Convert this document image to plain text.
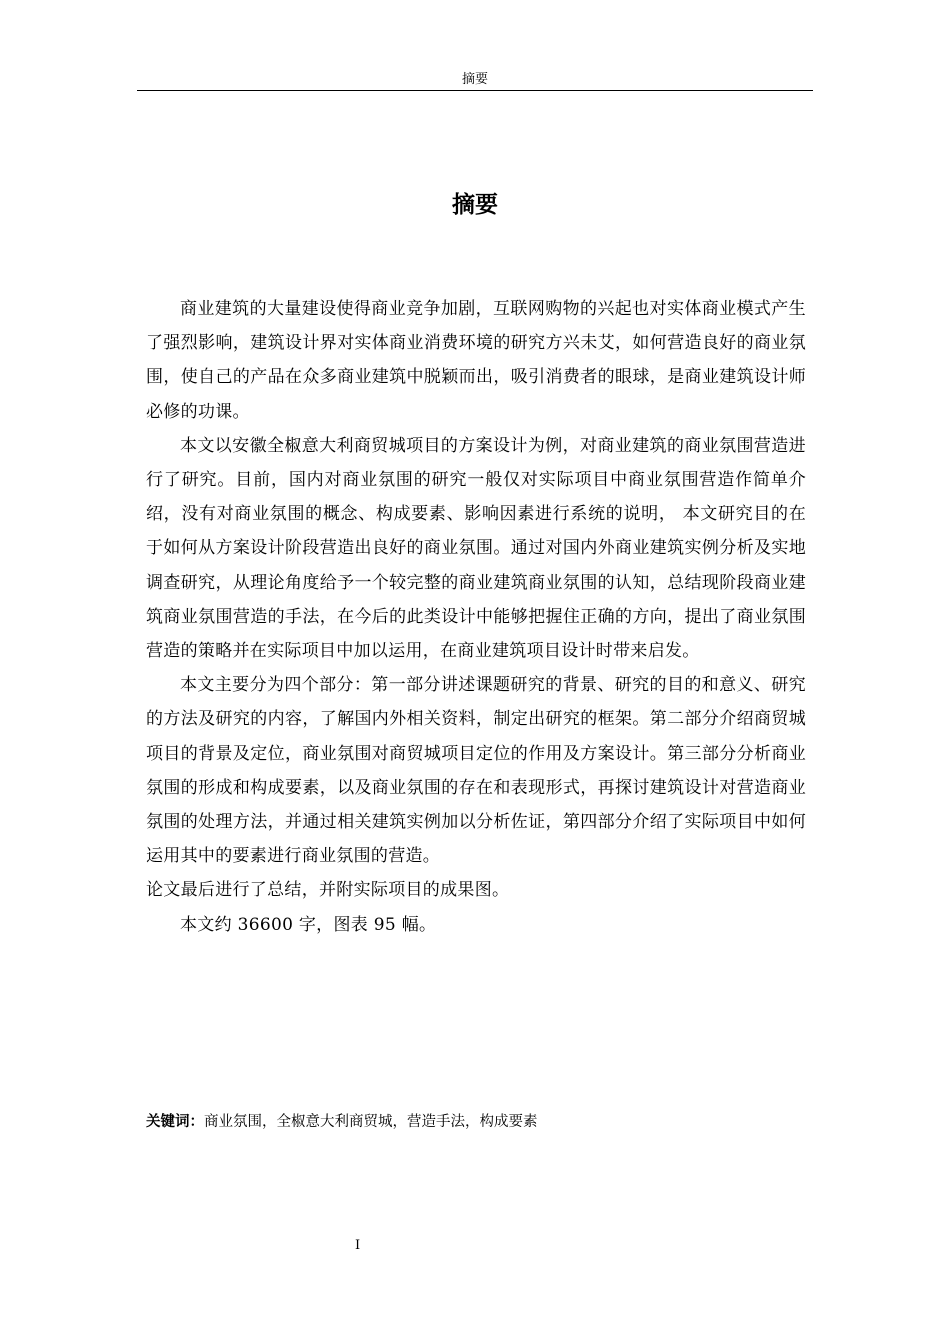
摘要
摘要

商业建筑的大量建设使得商业竞争加剧，互联网购物的兴起也对实体商业模式产生了强烈影响，建筑设计界对实体商业消费环境的研究方兴未艾，如何营造良好的商业氛围，使自己的产品在众多商业建筑中脱颖而出，吸引消费者的眼球，是商业建筑设计师必修的功课。

本文以安徽全椒意大利商贸城项目的方案设计为例，对商业建筑的商业氛围营造进行了研究。目前，国内对商业氛围的研究一般仅对实际项目中商业氛围营造作简单介绍，没有对商业氛围的概念、构成要素、影响因素进行系统的说明， 本文研究目的在于如何从方案设计阶段营造出良好的商业氛围。通过对国内外商业建筑实例分析及实地调查研究，从理论角度给予一个较完整的商业建筑商业氛围的认知，总结现阶段商业建筑商业氛围营造的手法，在今后的此类设计中能够把握住正确的方向，提出了商业氛围营造的策略并在实际项目中加以运用，在商业建筑项目设计时带来启发。

本文主要分为四个部分：第一部分讲述课题研究的背景、研究的目的和意义、研究的方法及研究的内容，了解国内外相关资料，制定出研究的框架。第二部分介绍商贸城项目的背景及定位，商业氛围对商贸城项目定位的作用及方案设计。第三部分分析商业氛围的形成和构成要素，以及商业氛围的存在和表现形式，再探讨建筑设计对营造商业氛围的处理方法，并通过相关建筑实例加以分析佐证，第四部分介绍了实际项目中如何运用其中的要素进行商业氛围的营造。

论文最后进行了总结，并附实际项目的成果图。

本文约 36600 字，图表 95 幅。

关键词：商业氛围，全椒意大利商贸城，营造手法，构成要素
I
